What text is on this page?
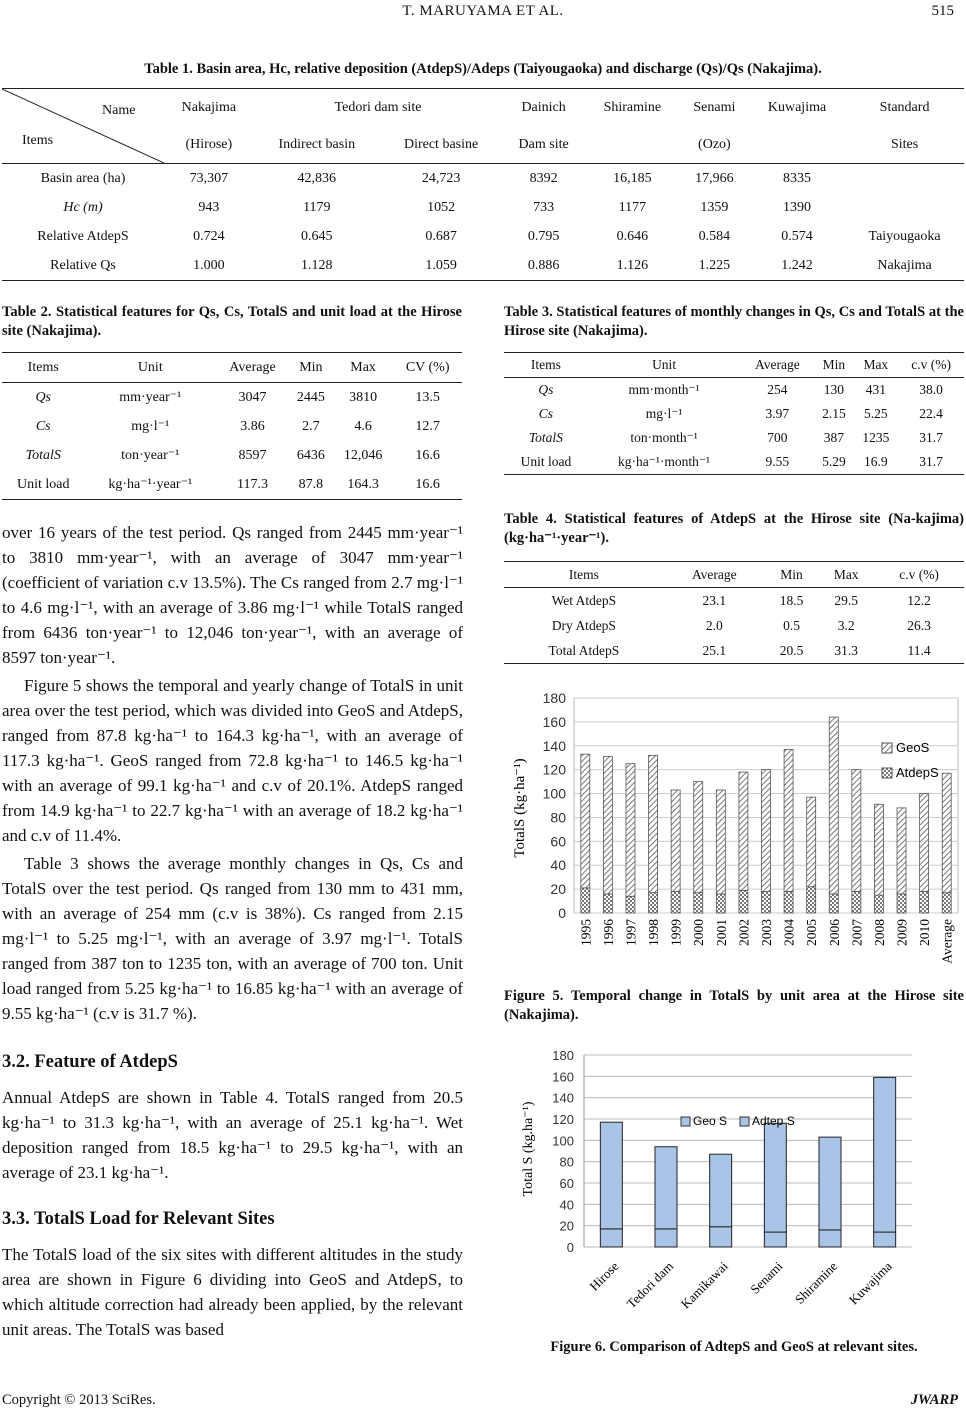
T. MARUYAMA ET AL.	515
Table 1. Basin area, Hc, relative deposition (AtdepS)/Adeps (Taiyougaoka) and discharge (Qs)/Qs (Nakajima).
Name
Items	Nakajima	Tedori dam site		Dainich	Shiramine	Senami	Kuwajima	Standard
	(Hirose)	Indirect basin	Direct basine	Dam site		(Ozo)		Sites
Basin area (ha)	73,307	42,836	24,723	8392	16,185	17,966	8335	
Hc (m)	943	1179	1052	733	1177	1359	1390	
Relative AtdepS	0.724	0.645	0.687	0.795	0.646	0.584	0.574	Taiyougaoka
Relative Qs	1.000	1.128	1.059	0.886	1.126	1.225	1.242	Nakajima
Table 2. Statistical features for Qs, Cs, TotalS and unit load at the Hirose site (Nakajima).
Items	Unit	Average	Min	Max	CV (%)
Qs	mm·year⁻¹	3047	2445	3810	13.5
Cs	mg·l⁻¹	3.86	2.7	4.6	12.7
TotalS	ton·year⁻¹	8597	6436	12,046	16.6
Unit load	kg·ha⁻¹·year⁻¹	117.3	87.8	164.3	16.6
Table 3. Statistical features of monthly changes in Qs, Cs and TotalS at the Hirose site (Nakajima).
Items	Unit	Average	Min	Max	c.v (%)
Qs	mm·month⁻¹	254	130	431	38.0
Cs	mg·l⁻¹	3.97	2.15	5.25	22.4
TotalS	ton·month⁻¹	700	387	1235	31.7
Unit load	kg·ha⁻¹·month⁻¹	9.55	5.29	16.9	31.7
Table 4. Statistical features of AtdepS at the Hirose site (Na-kajima) (kg·ha⁻¹·year⁻¹).
Items	Average	Min	Max	c.v (%)
Wet AtdepS	23.1	18.5	29.5	12.2
Dry AtdepS	2.0	0.5	3.2	26.3
Total AtdepS	25.1	20.5	31.3	11.4

over 16 years of the test period. Qs ranged from 2445 mm·year⁻¹ to 3810 mm·year⁻¹, with an average of 3047 mm·year⁻¹ (coefficient of variation c.v 13.5%). The Cs ranged from 2.7 mg·l⁻¹ to 4.6 mg·l⁻¹, with an average of 3.86 mg·l⁻¹ while TotalS ranged from 6436 ton·year⁻¹ to 12,046 ton·year⁻¹, with an average of 8597 ton·year⁻¹.

Figure 5 shows the temporal and yearly change of TotalS in unit area over the test period, which was divided into GeoS and AtdepS, ranged from 87.8 kg·ha⁻¹ to 164.3 kg·ha⁻¹, with an average of 117.3 kg·ha⁻¹. GeoS ranged from 72.8 kg·ha⁻¹ to 146.5 kg·ha⁻¹ with an average of 99.1 kg·ha⁻¹ and c.v of 20.1%. AtdepS ranged from 14.9 kg·ha⁻¹ to 22.7 kg·ha⁻¹ with an average of 18.2 kg·ha⁻¹ and c.v of 11.4%.

Table 3 shows the average monthly changes in Qs, Cs and TotalS over the test period. Qs ranged from 130 mm to 431 mm, with an average of 254 mm (c.v is 38%). Cs ranged from 2.15 mg·l⁻¹ to 5.25 mg·l⁻¹, with an average of 3.97 mg·l⁻¹. TotalS ranged from 387 ton to 1235 ton, with an average of 700 ton. Unit load ranged from 5.25 kg·ha⁻¹ to 16.85 kg·ha⁻¹ with an average of 9.55 kg·ha⁻¹ (c.v is 31.7 %).

3.2. Feature of AtdepS

Annual AtdepS are shown in Table 4. TotalS ranged from 20.5 kg·ha⁻¹ to 31.3 kg·ha⁻¹, with an average of 25.1 kg·ha⁻¹. Wet deposition ranged from 18.5 kg·ha⁻¹ to 29.5 kg·ha⁻¹, with an average of 23.1 kg·ha⁻¹.

3.3. TotalS Load for Relevant Sites

The TotalS load of the six sites with different altitudes in the study area are shown in Figure 6 dividing into GeoS and AtdepS, to which altitude correction had already been applied, by the relevant unit areas. The TotalS was based

0
20
40
60
80
100
120
140
160
180
1995 1996 1997 1998 1999 2000 2001 2002 2003 2004 2005 2006 2007 2008 2009 2010 Average
TotalS (kg·ha⁻¹)
GeoS
AtdepS
Figure 5. Temporal change in TotalS by unit area at the Hirose site (Nakajima).
0
20
40
60
80
100
120
140
160
180
Hirose Tedori dam Kamikawai Senami Shiramine Kuwajima
Total S (kg.ha⁻¹)	Geo S Adtep S
Figure 6. Comparison of AdtepS and GeoS at relevant sites.
Copyright © 2013 SciRes.	JWARP
